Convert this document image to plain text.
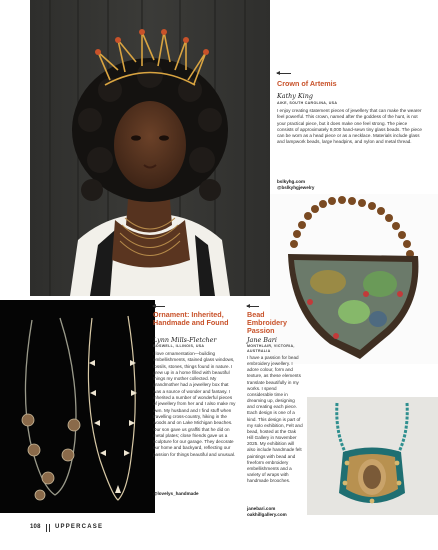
Crown of Artemis
Kathy King
AIKE, SOUTH CAROLINA, USA
I enjoy creating statement pieces of jewellery that can make the wearer feel powerful. This crown, named after the goddess of the hunt, is not your practical piece, but it does make one feel strong. The piece consists of approximately 8,000 hand-sewn tiny glass beads. The piece can be worn as a head piece or as a necklace. Materials include glass and lampwork beads, large headpins, and nylon and metal thread.
bslkyhg.com
@bslkyhgjewelry
Ornament: Inherited, Handmade and Found
Lynn Mills-Fletcher
BOSWELL, ILLINOIS, USA
I love ornamentation—building embellishments, stained glass windows, fossils, stones, things found in nature. I grew up in a home filled with beautiful things my mother collected. My grandmother had a jewellery box that was a source of wonder and fantasy. I inherited a number of wonderful pieces of jewellery from her and I also make my own. My husband and I find stuff when travelling cross-country, hiking in the woods and on Lake Michigan beaches. Our son gave us graffiti that he did on metal plates; close friends gave us a sculpture for our garage. They decorate our home and backyard, reflecting our passion for things beautiful and unusual.
@lovelys_handmade
Bead Embroidery Passion
Jane Bari
MONTHLAIR, VICTORIA, AUSTRALIA
I have a passion for bead embroidery jewellery. I adore colour, form and texture, as these elements translate beautifully in my works. I spend considerable time in dreaming up, designing and creating each piece. Each design is one of a kind. This design is part of my solo exhibition, Felt and bead, hosted at the Oak Hill Gallery in November 2025. My exhibition will also include handmade felt paintings with bead and freeform embroidery embellishments and a variety of wraps with handmade brooches.
janebari.com
oakhillgallery.com
108 UPPERCASE
